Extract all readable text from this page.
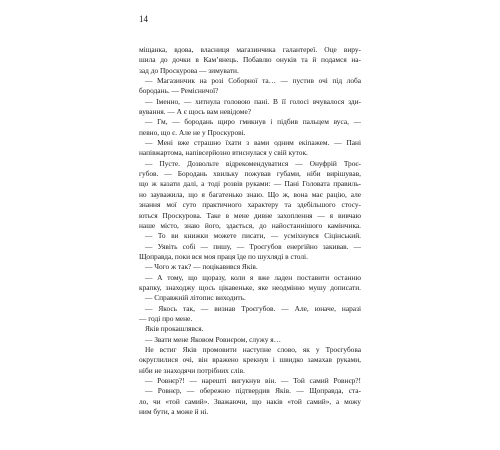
14
міщанка, вдова, власниця магазинчика галантереї. Оце виру-
шила до дочки в Кам’янець. Побавлю онуків та й подамся на-
зад до Проскурова — зимувати.
— Магазинчик на розі Соборної та… — пустив очі під лоба
бородань. — Ремісничої?
— Іменно, — хитнула головою пані. В її голосі вчувалося зди-
вування. — А є щось вам невідоме?
— Гм, — бородань щиро гмикнув і підбив пальцем вуса, —
певно, що є. Але не у Проскурові.
— Мені вже страшно їхати з вами одним екіпажем. — Пані
напівжартома, напівсерйозно втиснулася у свій куток.
— Пусте. Дозвольте відрекомендуватися — Онуфрій Троє-
губов. — Бородань хвильку пожував губами, ніби вирішував,
що ж казати далі, а тоді розвів руками: — Пані Головата правиль-
но зауважила, що я багатенько знаю. Що ж, вона має рацію, але
знання мої суто практичного характеру та здебільшого стосу-
ються Проскурова. Таке в мене дивне захоплення — я вивчаю
наше місто, знаю його, здається, до найостаннішого камінчика.
— То ви книжки можете писати, — усміхнувся Сіцінський.
— Уявіть собі — пишу, — Троєгубов енергійно закивав. —
Щоправда, поки вся моя праця їде по шухляді в столі.
— Чого ж так? — поцікавився Яків.
— А тому, що щоразу, коли я вже ладен поставити останню
крапку, знаходжу щось цікавеньке, яке неодмінно мушу дописати.
— Справжній літопис виходить.
— Якось так, — визнав Троєгубов. — Але, юначе, наразі
— годі про мене.
Яків прокашлявся.
— Звати мене Яковом Ровнєром, служу я…
Не встиг Яків промовити наступне слово, як у Троєгубова
округлилися очі, він вражено крекнув і швидко замахав руками,
ніби не знаходячи потрібних слів.
— Ровнєр?! — нарешті вигукнув він. — Той самий Ровнєр?!
— Ровнєр, — обережно підтвердив Яків. — Щоправда, ста-
ло, чи «той самий». Зважаючи, що наків «той самий», а можу
ним бути, а може й ні.
